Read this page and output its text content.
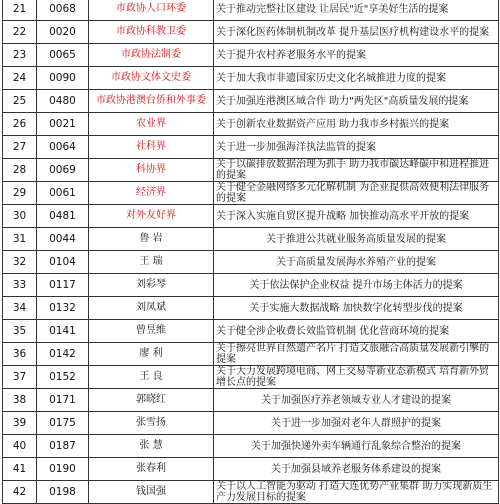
21	0068	市政协人口环委	关于推动完整社区建设 让居民"近"享美好生活的提案
22	0020	市政协科教卫委	关于深化医药体制机制改革 提升基层医疗机构建设水平的提案
23	0065	市政协法制委	关于提升农村养老服务水平的提案
24	0090	市政协文体文史委	关于加大我市非遗国家历史文化名城推进力度的提案
25	0480	市政协港澳台侨和外事委	关于加强连港澳区域合作 助力"两先区"高质量发展的提案
26	0021	农业界	关于创新农业数据资产应用 助力我市乡村振兴的提案
27	0064	社科界	关于进一步加强海洋执法监管的提案
28	0069	科协界	关于以碳排放数据治理为抓手 助力我市碳达峰碳中和进程推进的提案
29	0061	经济界	关于健全金融网络多元化解机制 为企业提供高效便利法律服务的提案
30	0481	对外友好界	关于深入实施自贸区提升战略 加快推动高水平开放的提案
31	0044	鲁 岩	关于推进公共就业服务高质量发展的提案
32	0104	王 瑞	关于高质量发展海水养殖产业的提案
33	0117	刘彩琴	关于依法保护企业权益 提升市场主体活力的提案
34	0132	刘凤斌	关于实施大数据战略 加快数字化转型步伐的提案
35	0141	曾昱维	关于健全涉企收费长效监管机制 优化营商环境的提案
36	0142	廖 利	关于擦亮世界自然遗产名片 打造文旅融合高质量发展新引擎的提案
37	0152	王 良	关于大力发展跨境电商、网上交易等新业态新模式 培育新外贸增长点的提案
38	0171	郭晓红	关于加强医疗养老领域专业人才建设的提案
39	0175	张雪扬	关于进一步加强对老年人群照护的提案
40	0187	张 慧	关于加强快递外卖车辆通行乱象综合整治的提案
41	0190	张春利	关于加强县域养老服务体系建设的提案
42	0198	钱国强	关于以人工智能为驱动 打造大连优势产业集群 助力实现新质生产力发展目标的提案
